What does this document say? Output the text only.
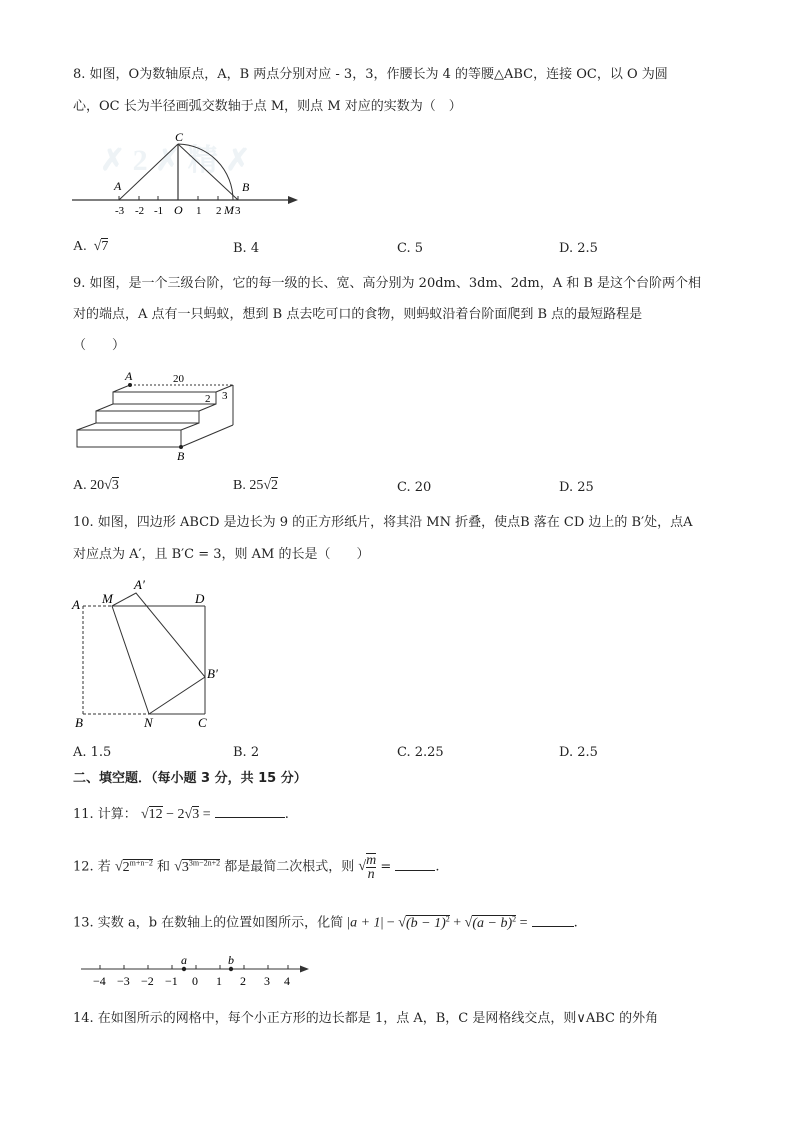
8. 如图，O为数轴原点，A，B 两点分别对应 - 3，3，作腰长为 4 的等腰△ABC，连接 OC，以 O 为圆
心，OC 长为半径画弧交数轴于点 M，则点 M 对应的实数为（　）
✗ 2 ✗ 精 ✗
C
A	B
-3 -2 -1 O 1 2 M 3
A. √7	B. 4	C. 5	D. 2.5
9. 如图，是一个三级台阶，它的每一级的长、宽、高分别为 20dm、3dm、2dm，A 和 B 是这个台阶两个相
对的端点，A 点有一只蚂蚁，想到 B 点去吃可口的食物，则蚂蚁沿着台阶面爬到 B 点的最短路程是
（　　）
A	20
2 3
B
A. 20√3	B. 25√2	C. 20	D. 25
10. 如图，四边形 ABCD 是边长为 9 的正方形纸片，将其沿 MN 折叠，使点B 落在 CD 边上的 B′处，点A
对应点为 A′，且 B′C = 3，则 AM 的长是（　　）
A M
A′
D
B′
B	N	C
A. 1.5	B. 2	C. 2.25	D. 2.5
二、填空题．（每小题 3 分，共 15 分）
11. 计算： √12 − 2√3 =	.
12. 若 $√2^{m+n-2}$ 和 $√3^{3m-2n+2}$ 都是最简二次根式，则 √ $\frac{m}{n}$ =	.
13. 实数 a，b 在数轴上的位置如图所示，化简 $|a + 1| - √(b - 1)^2 + √(a - b)^2$ =	.
a	b
−4 −3 −2 −1 0 1 2 3 4
14. 在如图所示的网格中，每个小正方形的边长都是 1，点 A，B，C 是网格线交点，则∨ABC 的外角
